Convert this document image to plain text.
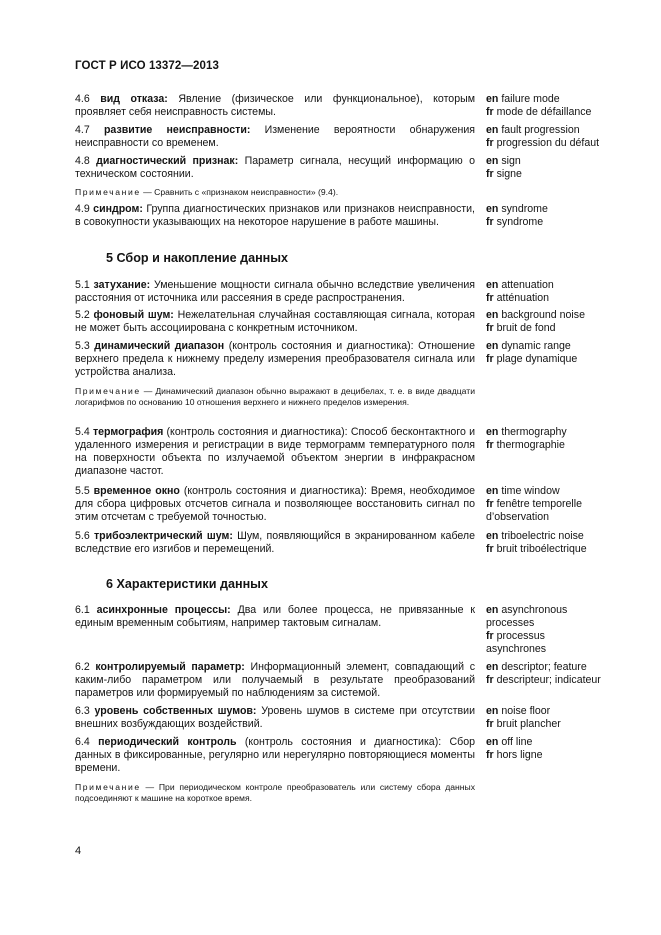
ГОСТ Р ИСО 13372—2013
4.6 вид отказа: Явление (физическое или функциональное), которым проявляет себя неисправность системы.
en failure mode
fr mode de défaillance
4.7 развитие неисправности: Изменение вероятности обнаружения неисправности со временем.
en fault progression
fr progression du défaut
4.8 диагностический признак: Параметр сигнала, несущий информацию о техническом состоянии.
en sign
fr signe
Примечание — Сравнить с «признаком неисправности» (9.4).
4.9 синдром: Группа диагностических признаков или признаков неисправности, в совокупности указывающих на некоторое нарушение в работе машины.
en syndrome
fr syndrome
5 Сбор и накопление данных
5.1 затухание: Уменьшение мощности сигнала обычно вследствие увеличения расстояния от источника или рассеяния в среде распространения.
en attenuation
fr atténuation
5.2 фоновый шум: Нежелательная случайная составляющая сигнала, которая не может быть ассоциирована с конкретным источником.
en background noise
fr bruit de fond
5.3 динамический диапазон (контроль состояния и диагностика): Отношение верхнего предела к нижнему пределу измерения преобразователя сигнала или устройства анализа.
en dynamic range
fr plage dynamique
Примечание — Динамический диапазон обычно выражают в децибелах, т. е. в виде двадцати логарифмов по основанию 10 отношения верхнего и нижнего пределов измерения.
5.4 термография (контроль состояния и диагностика): Способ бесконтактного и удаленного измерения и регистрации в виде термограмм температурного поля на поверхности объекта по излучаемой объектом энергии в инфракрасном диапазоне частот.
en thermography
fr thermographie
5.5 временное окно (контроль состояния и диагностика): Время, необходимое для сбора цифровых отсчетов сигнала и позволяющее восстановить сигнал по этим отсчетам с требуемой точностью.
en time window
fr fenêtre temporelle d’observation
5.6 трибоэлектрический шум: Шум, появляющийся в экранированном кабеле вследствие его изгибов и перемещений.
en triboelectric noise
fr bruit triboélectrique
6 Характеристики данных
6.1 асинхронные процессы: Два или более процесса, не привязанные к единым временным событиям, например тактовым сигналам.
en asynchronous processes
fr processus asynchrones
6.2 контролируемый параметр: Информационный элемент, совпадающий с каким-либо параметром или получаемый в результате преобразований параметров или формируемый по наблюдениям за системой.
en descriptor; feature
fr descripteur; indicateur
6.3 уровень собственных шумов: Уровень шумов в системе при отсутствии внешних возбуждающих воздействий.
en noise floor
fr bruit plancher
6.4 периодический контроль (контроль состояния и диагностика): Сбор данных в фиксированные, регулярно или нерегулярно повторяющиеся моменты времени.
en off line
fr hors ligne
Примечание — При периодическом контроле преобразователь или систему сбора данных подсоединяют к машине на короткое время.
4
